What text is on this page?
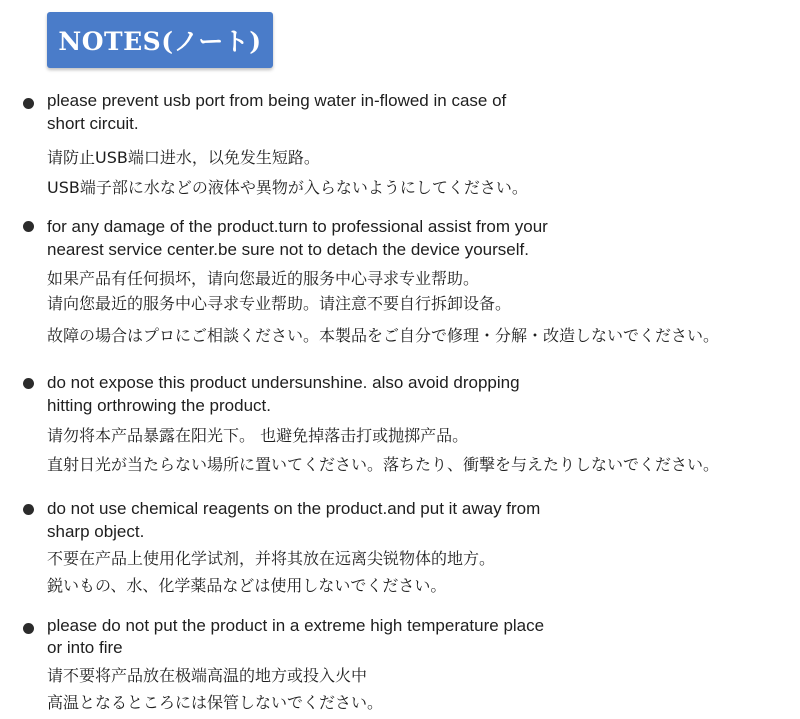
NOTES(ノート)
please prevent usb port from being water in-flowed in case of
short circuit.
请防止USB端口进水，以免发生短路。
USB端子部に水などの液体や異物が入らないようにしてください。
for any damage of the product.turn to professional assist from your
nearest service center.be sure not to detach the device yourself.
如果产品有任何损坏，请向您最近的服务中心寻求专业帮助。
请向您最近的服务中心寻求专业帮助。请注意不要自行拆卸设备。
故障の場合はプロにご相談ください。本製品をご自分で修理・分解・改造しないでください。
do not expose this product undersunshine. also avoid dropping
hitting orthrowing the product.
请勿将本产品暴露在阳光下。 也避免掉落击打或抛掷产品。
直射日光が当たらない場所に置いてください。落ちたり、衝撃を与えたりしないでください。
do not use chemical reagents on the product.and put it away from
sharp object.
不要在产品上使用化学试剂，并将其放在远离尖锐物体的地方。
鋭いもの、水、化学薬品などは使用しないでください。
please do not put the product in a extreme high temperature place
or into fire
请不要将产品放在极端高温的地方或投入火中
高温となるところには保管しないでください。
